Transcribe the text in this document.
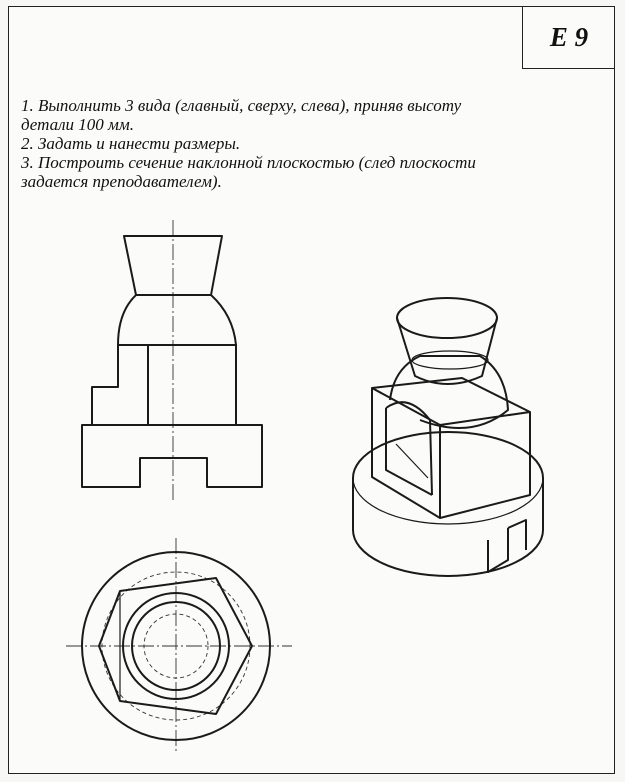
E 9
1. Выполнить 3 вида (главный, сверху, слева), приняв высоту
детали 100 мм.
2. Задать и нанести размеры.
3. Построить сечение наклонной плоскостью (след плоскости
задается преподавателем).
